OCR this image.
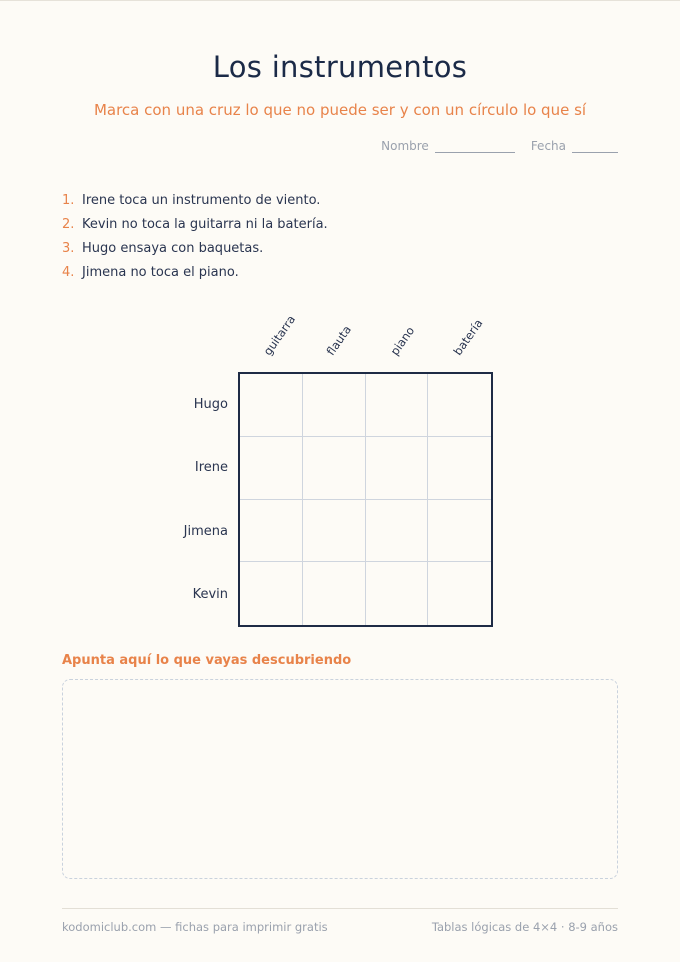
Los instrumentos
Marca con una cruz lo que no puede ser y con un círculo lo que sí
Nombre	Fecha
1. Irene toca un instrumento de viento.
2. Kevin no toca la guitarra ni la batería.
3. Hugo ensaya con baquetas.
4. Jimena no toca el piano.
guitarra flauta	piano	batería
Hugo
Irene
Jimena
Kevin
Apunta aquí lo que vayas descubriendo
kodomiclub.com — fichas para imprimir gratis	Tablas lógicas de 4×4 · 8-9 años
